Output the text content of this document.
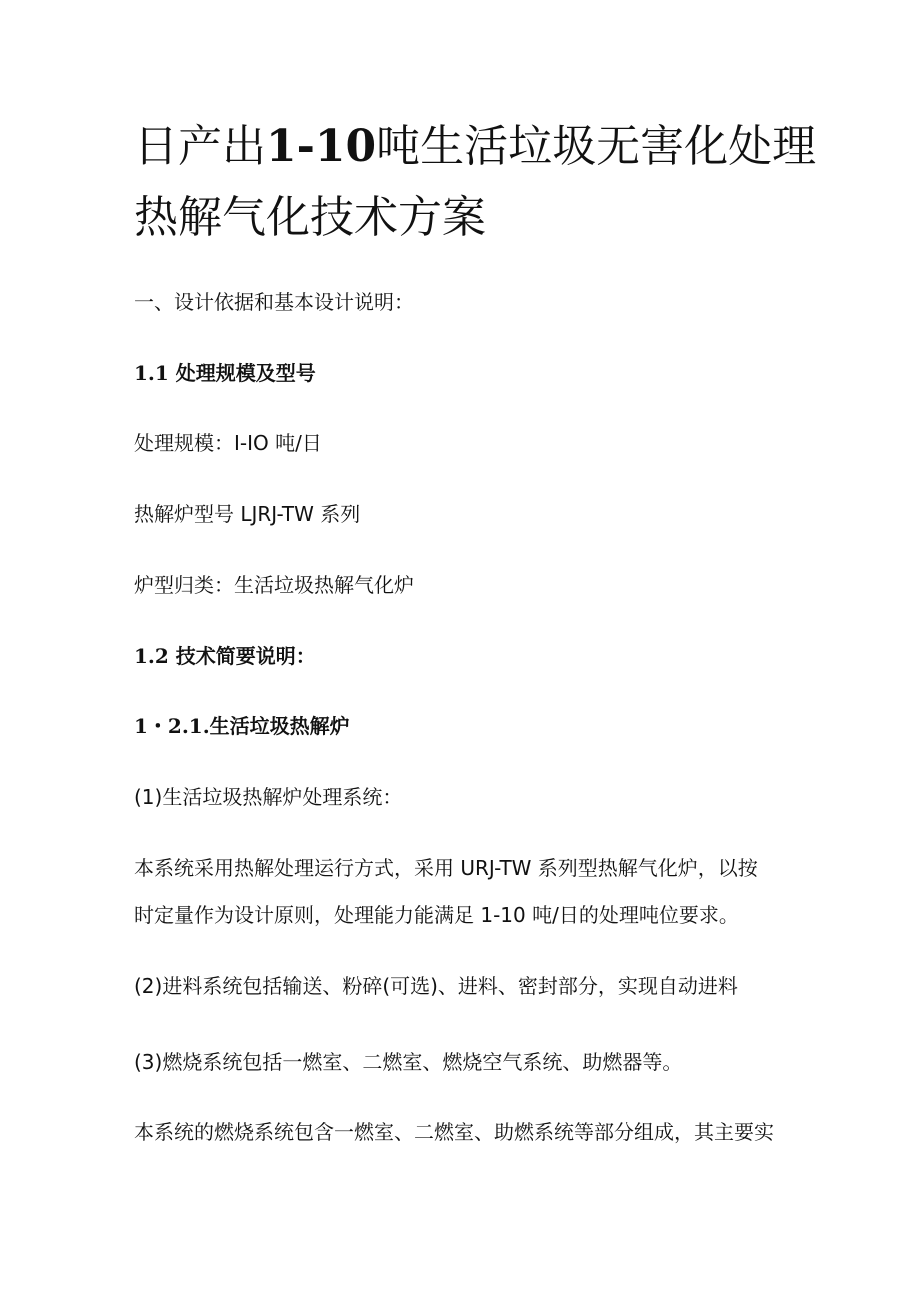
日产出1-10吨生活垃圾无害化处理
热解气化技术方案

一、设计依据和基本设计说明：

1.1 处理规模及型号

处理规模：I-IO 吨/日

热解炉型号 LJRJ-TW 系列

炉型归类：生活垃圾热解气化炉

1.2 技术简要说明：

1・2.1.生活垃圾热解炉

(1)生活垃圾热解炉处理系统：

本系统采用热解处理运行方式，采用 URJ-TW 系列型热解气化炉，以按

时定量作为设计原则，处理能力能满足 1-10 吨/日的处理吨位要求。

(2)进料系统包括输送、粉碎(可选)、进料、密封部分，实现自动进料

(3)燃烧系统包括一燃室、二燃室、燃烧空气系统、助燃器等。

本系统的燃烧系统包含一燃室、二燃室、助燃系统等部分组成，其主要实
